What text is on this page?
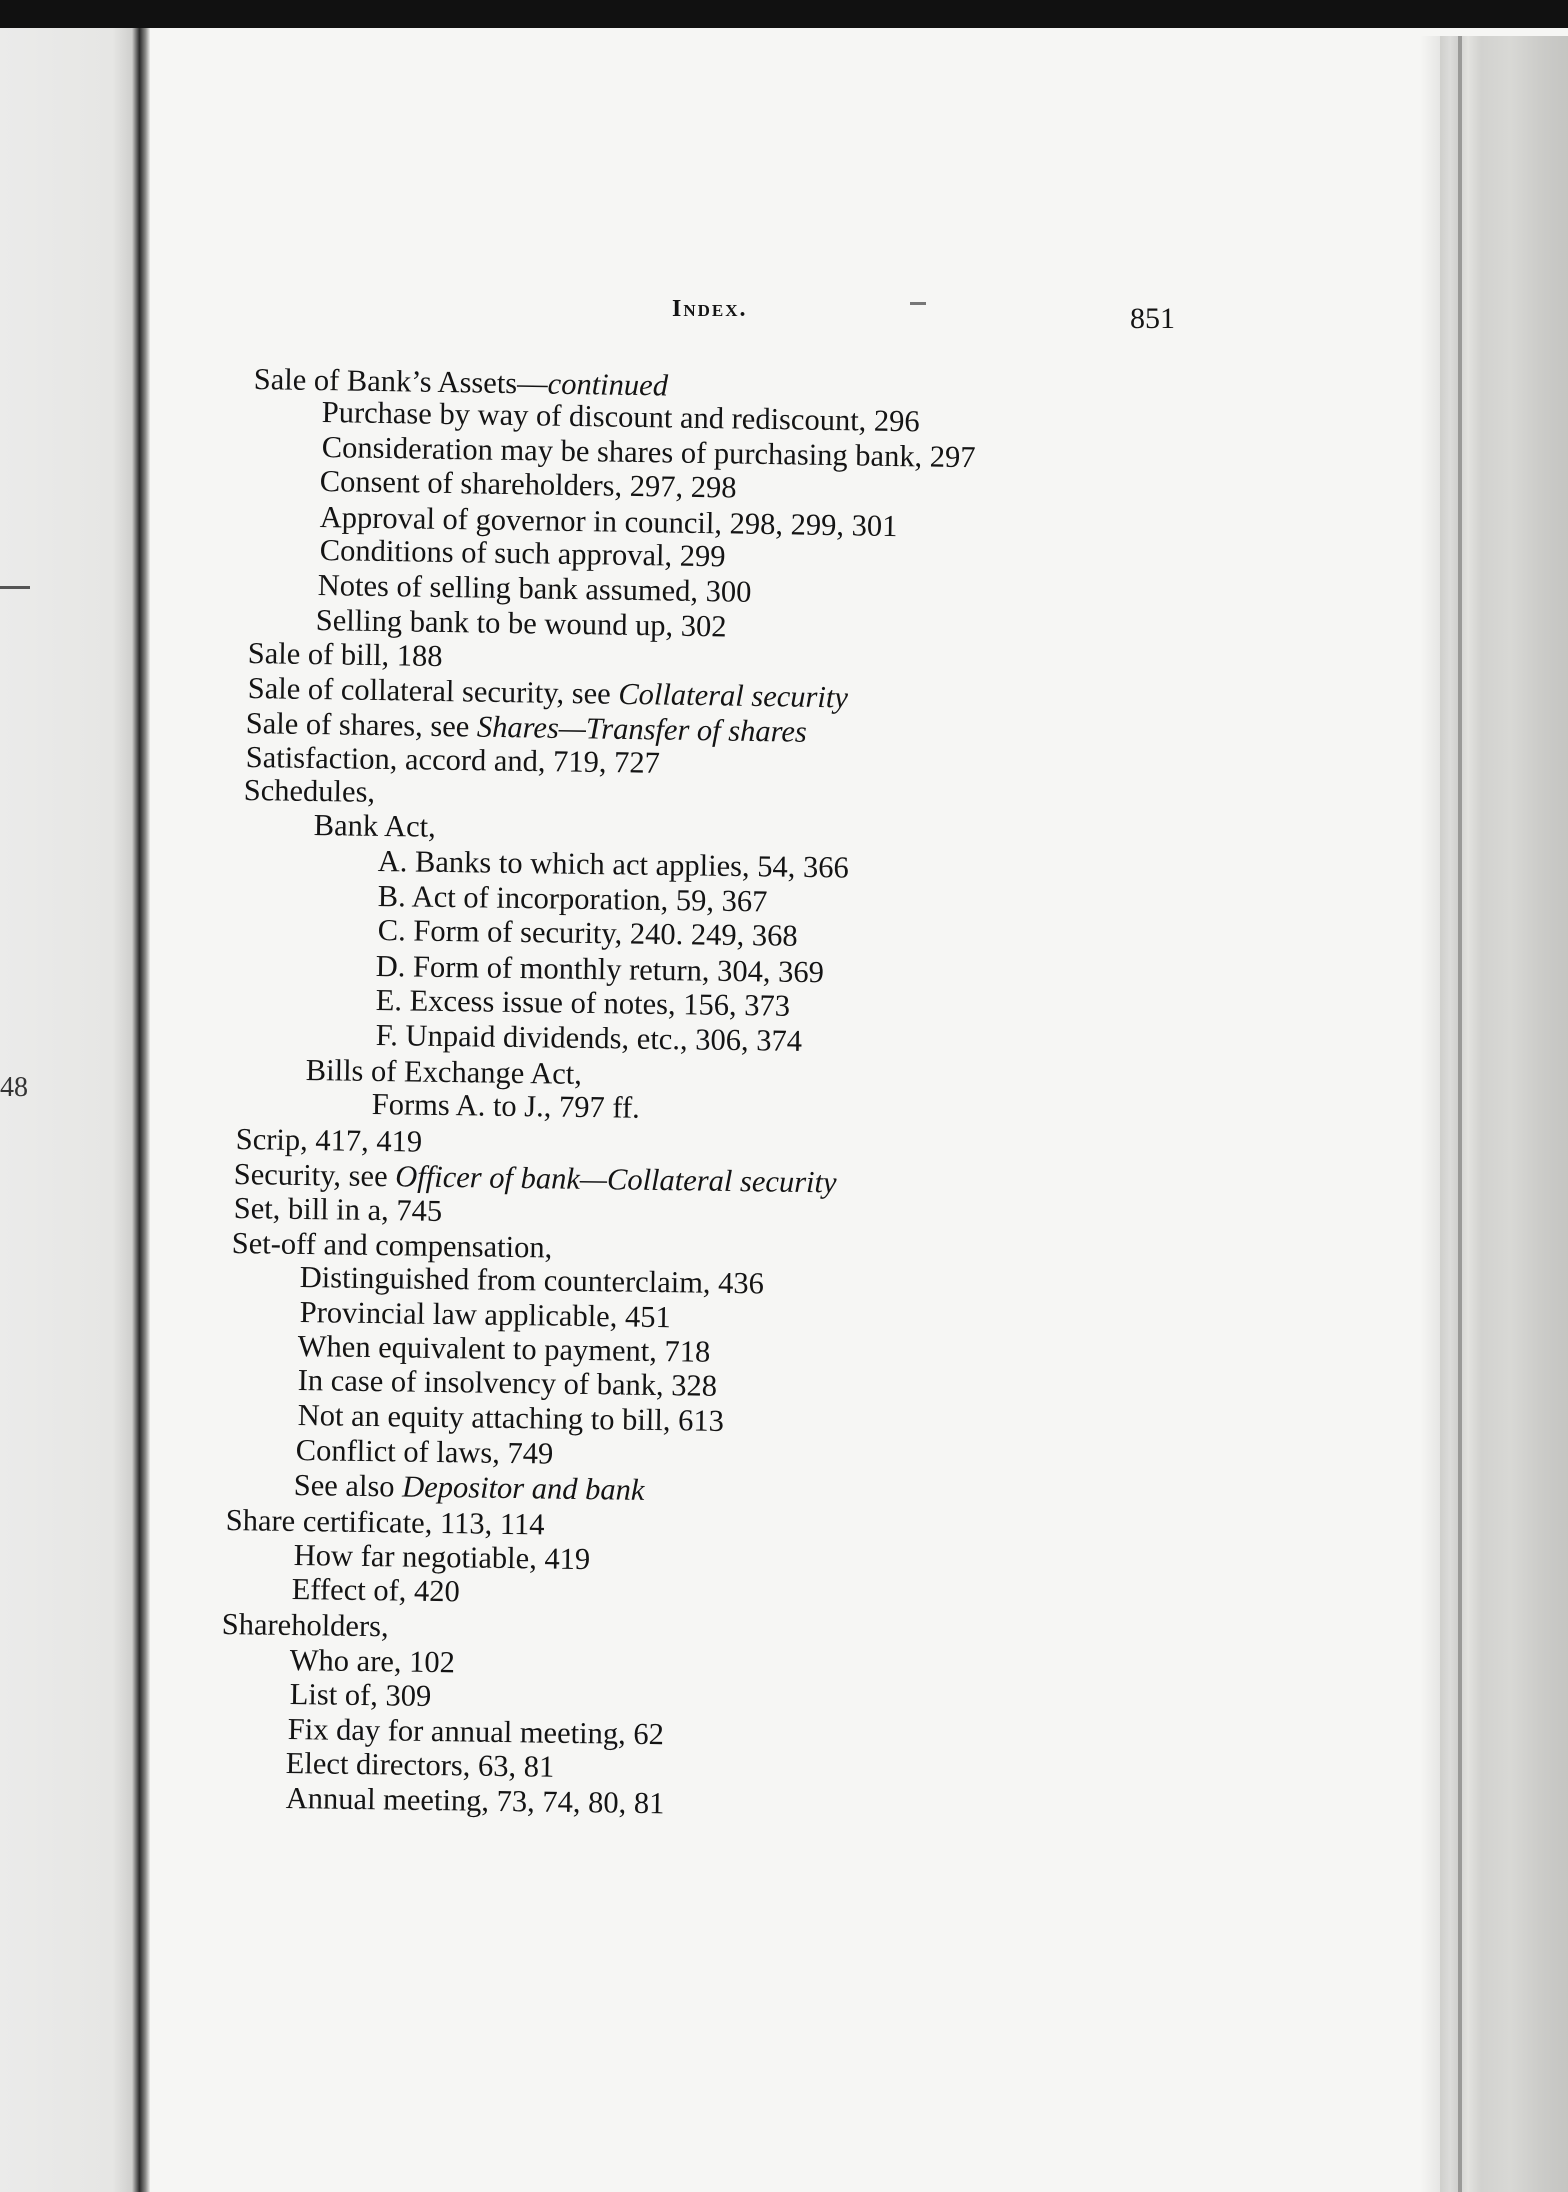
48

Index.	851

Sale of Bank’s Assets—continued

Purchase by way of discount and rediscount, 296

Consideration may be shares of purchasing bank, 297

Consent of shareholders, 297, 298

Approval of governor in council, 298, 299, 301

Conditions of such approval, 299

Notes of selling bank assumed, 300

Selling bank to be wound up, 302

Sale of bill, 188

Sale of collateral security, see Collateral security

Sale of shares, see Shares—Transfer of shares

Satisfaction, accord and, 719, 727

Schedules,

Bank Act,

A. Banks to which act applies, 54, 366

B. Act of incorporation, 59, 367

C. Form of security, 240. 249, 368

D. Form of monthly return, 304, 369

E. Excess issue of notes, 156, 373

F. Unpaid dividends, etc., 306, 374

Bills of Exchange Act,

Forms A. to J., 797 ff.

Scrip, 417, 419

Security, see Officer of bank—Collateral security

Set, bill in a, 745

Set-off and compensation,

Distinguished from counterclaim, 436

Provincial law applicable, 451

When equivalent to payment, 718

In case of insolvency of bank, 328

Not an equity attaching to bill, 613

Conflict of laws, 749

See also Depositor and bank

Share certificate, 113, 114

How far negotiable, 419

Effect of, 420

Shareholders,

Who are, 102

List of, 309

Fix day for annual meeting, 62

Elect directors, 63, 81

Annual meeting, 73, 74, 80, 81
